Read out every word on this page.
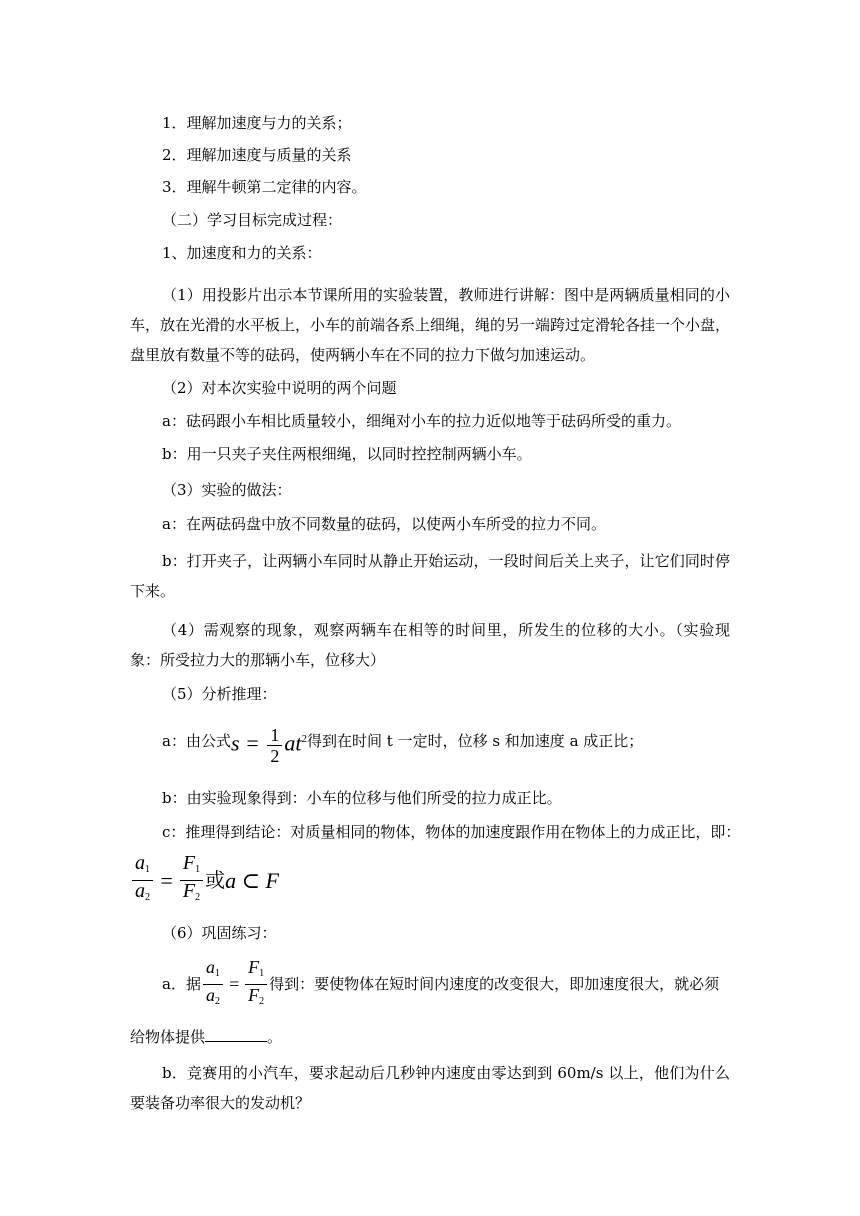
1．理解加速度与力的关系；
2．理解加速度与质量的关系
3．理解牛顿第二定律的内容。
（二）学习目标完成过程：
1、加速度和力的关系：
（1）用投影片出示本节课所用的实验装置，教师进行讲解：图中是两辆质量相同的小车，放在光滑的水平板上，小车的前端各系上细绳，绳的另一端跨过定滑轮各挂一个小盘，盘里放有数量不等的砝码，使两辆小车在不同的拉力下做匀加速运动。
（2）对本次实验中说明的两个问题
a：砝码跟小车相比质量较小，细绳对小车的拉力近似地等于砝码所受的重力。
b：用一只夹子夹住两根细绳，以同时控控制两辆小车。
（3）实验的做法：
a：在两砝码盘中放不同数量的砝码，以使两小车所受的拉力不同。
b：打开夹子，让两辆小车同时从静止开始运动，一段时间后关上夹子，让它们同时停下来。
（4）需观察的现象，观察两辆车在相等的时间里，所发生的位移的大小。（实验现象：所受拉力大的那辆小车，位移大）
（5）分析推理：
a：由公式 $s = \frac{1}{2} at^2$ 得到在时间 t 一定时，位移 s 和加速度 a 成正比；
b：由实验现象得到：小车的位移与他们所受的拉力成正比。
c：推理得到结论：对质量相同的物体，物体的加速度跟作用在物体上的力成正比，即：
$\frac{a_1}{a_2} = \frac{F_1}{F_2}$ 或 a ⊂ F
（6）巩固练习：
a．据 $\frac{a_1}{a_2} = \frac{F_1}{F_2}$ 得到：要使物体在短时间内速度的改变很大，即加速度很大，就必须
给物体提供	。
b．竞赛用的小汽车，要求起动后几秒钟内速度由零达到到 60m/s 以上，他们为什么要装备功率很大的发动机？
